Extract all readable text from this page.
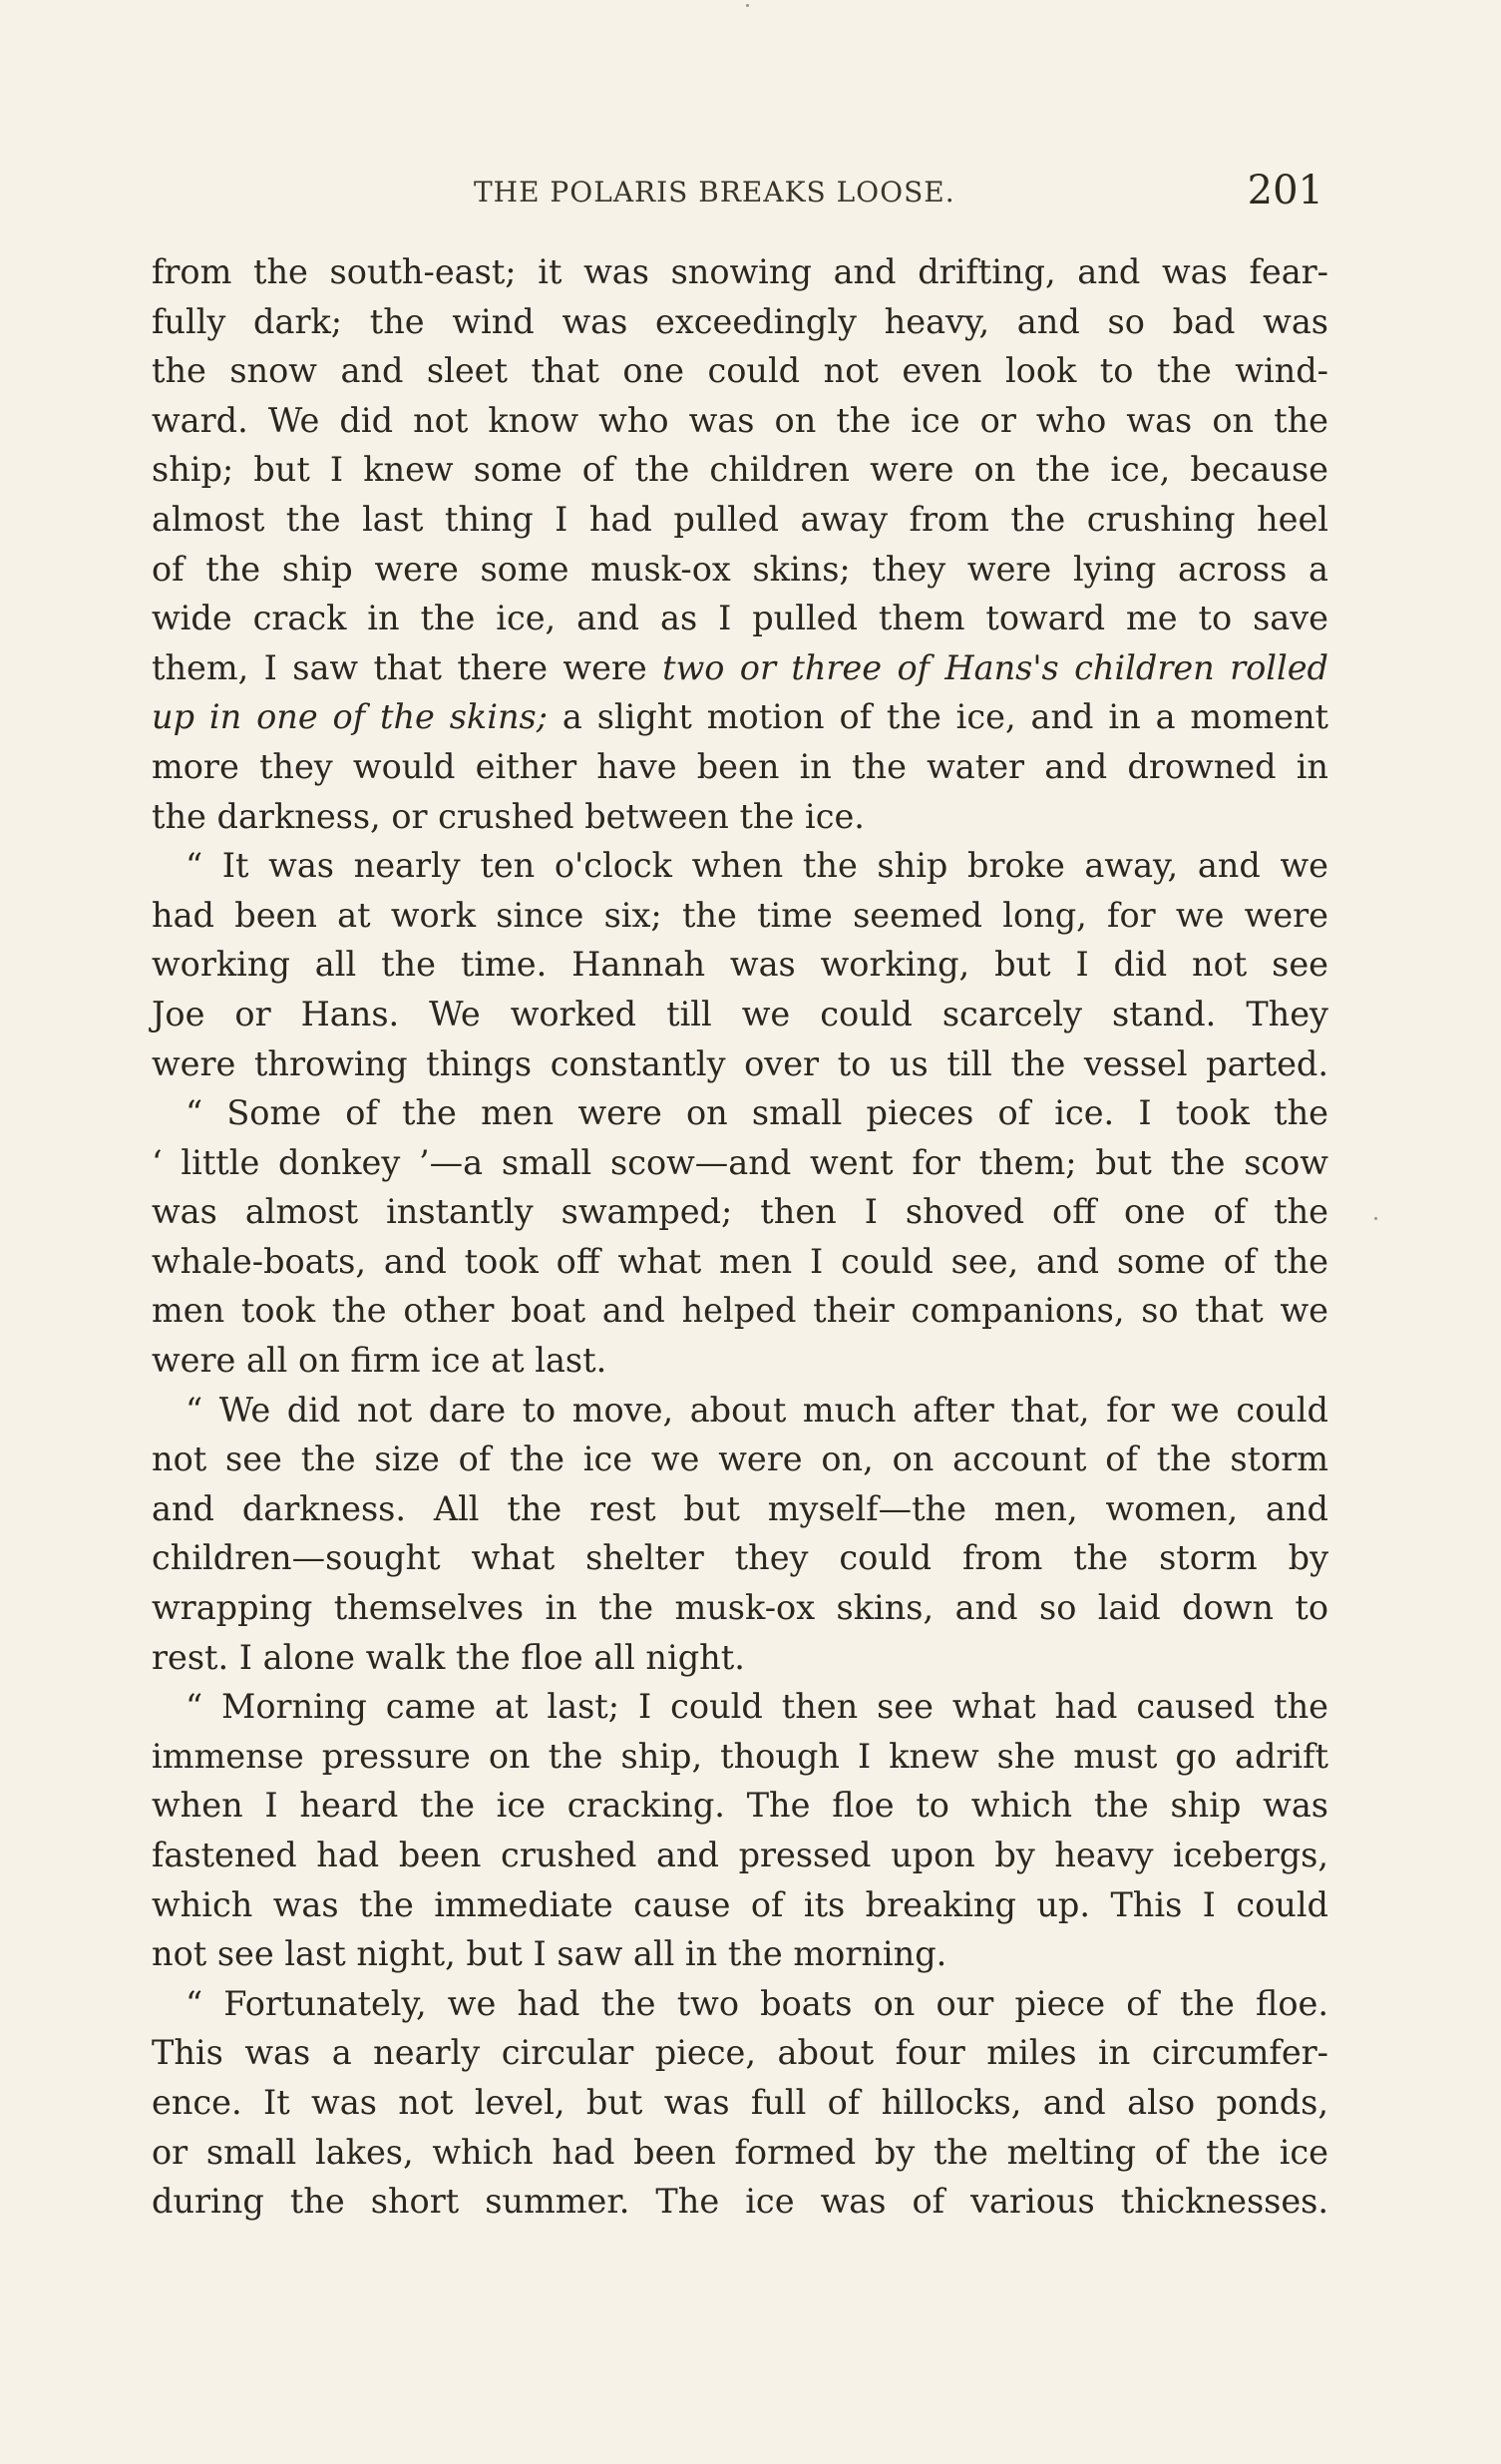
THE POLARIS BREAKS LOOSE.	201
from the south-east; it was snowing and drifting, and was fear-
fully dark; the wind was exceedingly heavy, and so bad was
the snow and sleet that one could not even look to the wind-
ward. We did not know who was on the ice or who was on the
ship; but I knew some of the children were on the ice, because
almost the last thing I had pulled away from the crushing heel
of the ship were some musk-ox skins; they were lying across a
wide crack in the ice, and as I pulled them toward me to save
them, I saw that there were two or three of Hans's children rolled
up in one of the skins; a slight motion of the ice, and in a moment
more they would either have been in the water and drowned in
the darkness, or crushed between the ice.
“ It was nearly ten o'clock when the ship broke away, and we
had been at work since six; the time seemed long, for we were
working all the time. Hannah was working, but I did not see
Joe or Hans. We worked till we could scarcely stand. They
were throwing things constantly over to us till the vessel parted.
“ Some of the men were on small pieces of ice. I took the
‘ little donkey ’—a small scow—and went for them; but the scow
was almost instantly swamped; then I shoved off one of the
whale-boats, and took off what men I could see, and some of the
men took the other boat and helped their companions, so that we
were all on firm ice at last.
“ We did not dare to move, about much after that, for we could
not see the size of the ice we were on, on account of the storm
and darkness. All the rest but myself—the men, women, and
children—sought what shelter they could from the storm by
wrapping themselves in the musk-ox skins, and so laid down to
rest. I alone walk the floe all night.
“ Morning came at last; I could then see what had caused the
immense pressure on the ship, though I knew she must go adrift
when I heard the ice cracking. The floe to which the ship was
fastened had been crushed and pressed upon by heavy icebergs,
which was the immediate cause of its breaking up. This I could
not see last night, but I saw all in the morning.
“ Fortunately, we had the two boats on our piece of the floe.
This was a nearly circular piece, about four miles in circumfer-
ence. It was not level, but was full of hillocks, and also ponds,
or small lakes, which had been formed by the melting of the ice
during the short summer. The ice was of various thicknesses.
